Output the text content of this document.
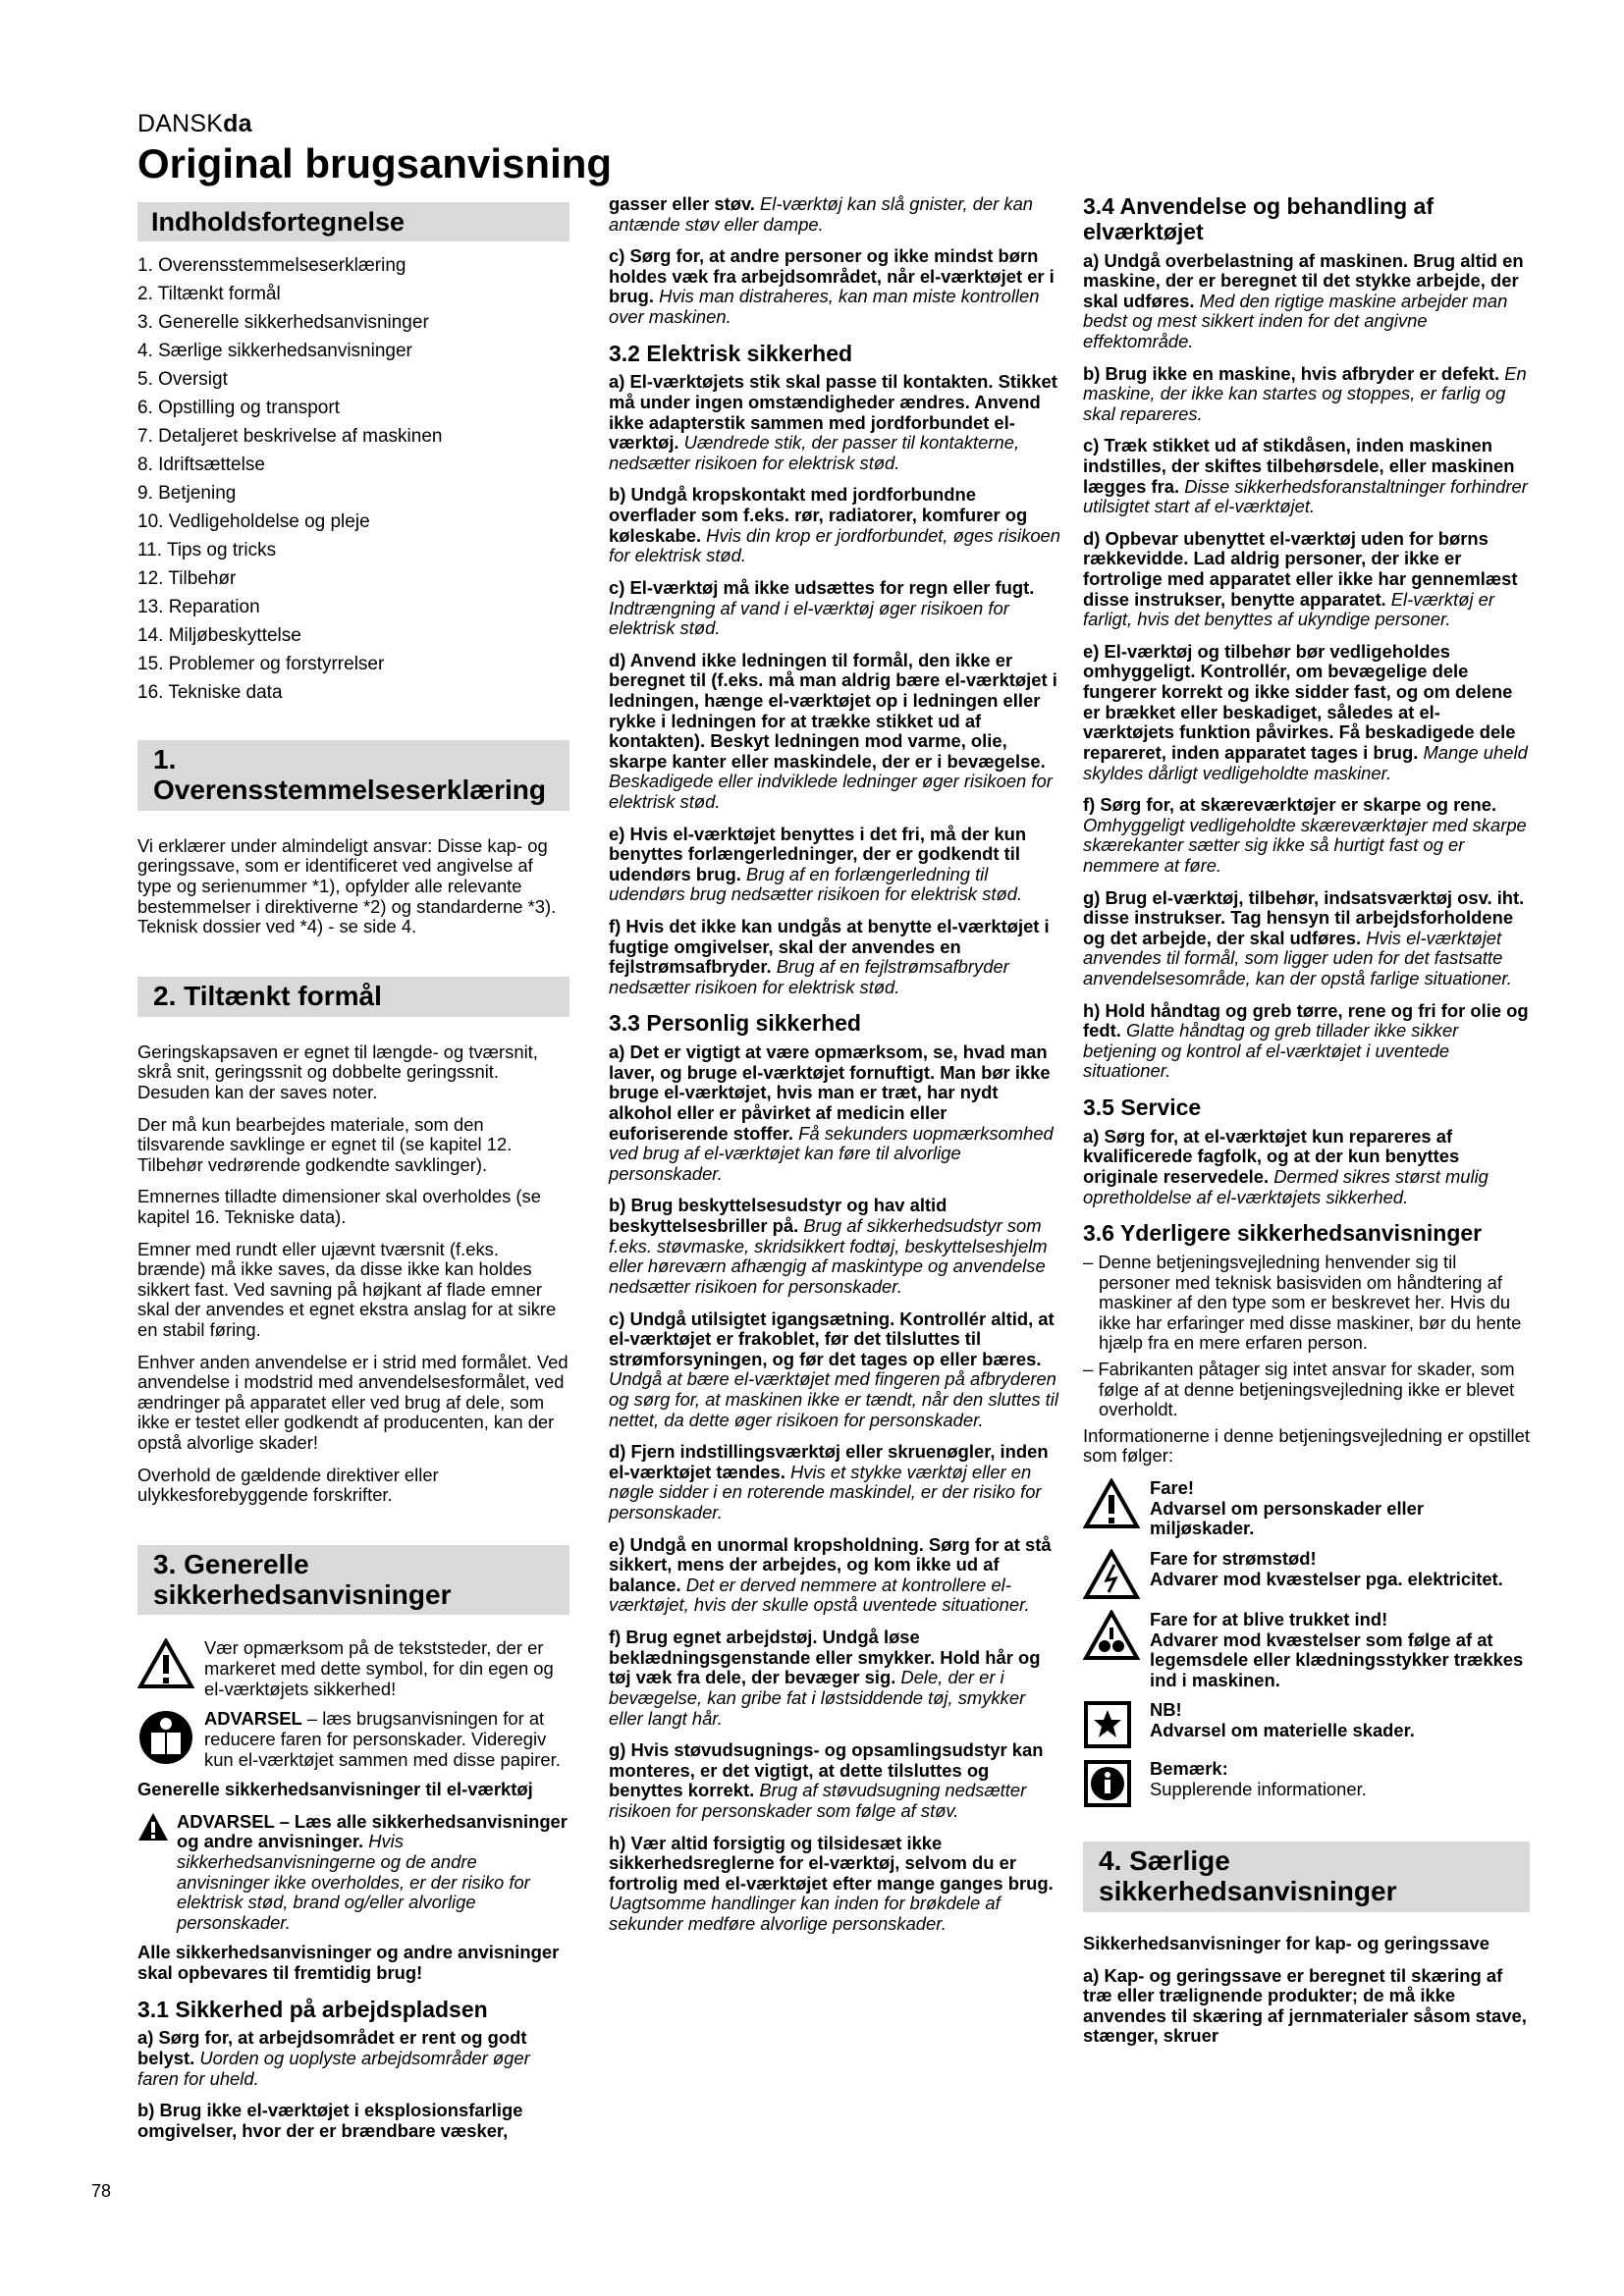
DANSKda
Original brugsanvisning
Indholdsfortegnelse
1. Overensstemmelseserklæring
2. Tiltænkt formål
3. Generelle sikkerhedsanvisninger
4. Særlige sikkerhedsanvisninger
5. Oversigt
6. Opstilling og transport
7. Detaljeret beskrivelse af maskinen
8. Idriftsættelse
9. Betjening
10. Vedligeholdelse og pleje
11. Tips og tricks
12. Tilbehør
13. Reparation
14. Miljøbeskyttelse
15. Problemer og forstyrrelser
16. Tekniske data
1. Overensstemmelseserklæring

Vi erklærer under almindeligt ansvar: Disse kap- og geringssave, som er identificeret ved angivelse af type og serienummer *1), opfylder alle relevante bestemmelser i direktiverne *2) og standarderne *3). Teknisk dossier ved *4) - se side 4.

2. Tiltænkt formål

Geringskapsaven er egnet til længde- og tværsnit, skrå snit, geringssnit og dobbelte geringssnit. Desuden kan der saves noter.

Der må kun bearbejdes materiale, som den tilsvarende savklinge er egnet til (se kapitel 12. Tilbehør vedrørende godkendte savklinger).

Emnernes tilladte dimensioner skal overholdes (se kapitel 16. Tekniske data).

Emner med rundt eller ujævnt tværsnit (f.eks. brænde) må ikke saves, da disse ikke kan holdes sikkert fast. Ved savning på højkant af flade emner skal der anvendes et egnet ekstra anslag for at sikre en stabil føring.

Enhver anden anvendelse er i strid med formålet. Ved anvendelse i modstrid med anvendelsesformålet, ved ændringer på apparatet eller ved brug af dele, som ikke er testet eller godkendt af producenten, kan der opstå alvorlige skader!

Overhold de gældende direktiver eller ulykkesforebyggende forskrifter.

3. Generelle sikkerhedsanvisninger
Vær opmærksom på de tekststeder, der er markeret med dette symbol, for din egen og el-værktøjets sikkerhed!
ADVARSEL – læs brugsanvisningen for at reducere faren for personskader. Videregiv kun el-værktøjet sammen med disse papirer.

Generelle sikkerhedsanvisninger til el-værktøj

ADVARSEL – Læs alle sikkerhedsanvisninger og andre anvisninger. Hvis sikkerhedsanvisningerne og de andre anvisninger ikke overholdes, er der risiko for elektrisk stød, brand og/eller alvorlige personskader.

Alle sikkerhedsanvisninger og andre anvisninger skal opbevares til fremtidig brug!

3.1 Sikkerhed på arbejdspladsen

a) Sørg for, at arbejdsområdet er rent og godt belyst. Uorden og uoplyste arbejdsområder øger faren for uheld.

b) Brug ikke el-værktøjet i eksplosionsfarlige omgivelser, hvor der er brændbare væsker,

gasser eller støv. El-værktøj kan slå gnister, der kan antænde støv eller dampe.

c) Sørg for, at andre personer og ikke mindst børn holdes væk fra arbejdsområdet, når el-værktøjet er i brug. Hvis man distraheres, kan man miste kontrollen over maskinen.

3.2 Elektrisk sikkerhed

a) El-værktøjets stik skal passe til kontakten. Stikket må under ingen omstændigheder ændres. Anvend ikke adapterstik sammen med jordforbundet el-værktøj. Uændrede stik, der passer til kontakterne, nedsætter risikoen for elektrisk stød.

b) Undgå kropskontakt med jordforbundne overflader som f.eks. rør, radiatorer, komfurer og køleskabe. Hvis din krop er jordforbundet, øges risikoen for elektrisk stød.

c) El-værktøj må ikke udsættes for regn eller fugt. Indtrængning af vand i el-værktøj øger risikoen for elektrisk stød.

d) Anvend ikke ledningen til formål, den ikke er beregnet til (f.eks. må man aldrig bære el-værktøjet i ledningen, hænge el-værktøjet op i ledningen eller rykke i ledningen for at trække stikket ud af kontakten). Beskyt ledningen mod varme, olie, skarpe kanter eller maskindele, der er i bevægelse. Beskadigede eller indviklede ledninger øger risikoen for elektrisk stød.

e) Hvis el-værktøjet benyttes i det fri, må der kun benyttes forlængerledninger, der er godkendt til udendørs brug. Brug af en forlængerledning til udendørs brug nedsætter risikoen for elektrisk stød.

f) Hvis det ikke kan undgås at benytte el-værktøjet i fugtige omgivelser, skal der anvendes en fejlstrømsafbryder. Brug af en fejlstrømsafbryder nedsætter risikoen for elektrisk stød.

3.3 Personlig sikkerhed

a) Det er vigtigt at være opmærksom, se, hvad man laver, og bruge el-værktøjet fornuftigt. Man bør ikke bruge el-værktøjet, hvis man er træt, har nydt alkohol eller er påvirket af medicin eller euforiserende stoffer. Få sekunders uopmærksomhed ved brug af el-værktøjet kan føre til alvorlige personskader.

b) Brug beskyttelsesudstyr og hav altid beskyttelsesbriller på. Brug af sikkerhedsudstyr som f.eks. støvmaske, skridsikkert fodtøj, beskyttelseshjelm eller høreværn afhængig af maskintype og anvendelse nedsætter risikoen for personskader.

c) Undgå utilsigtet igangsætning. Kontrollér altid, at el-værktøjet er frakoblet, før det tilsluttes til strømforsyningen, og før det tages op eller bæres. Undgå at bære el-værktøjet med fingeren på afbryderen og sørg for, at maskinen ikke er tændt, når den sluttes til nettet, da dette øger risikoen for personskader.

d) Fjern indstillingsværktøj eller skruenøgler, inden el-værktøjet tændes. Hvis et stykke værktøj eller en nøgle sidder i en roterende maskindel, er der risiko for personskader.

e) Undgå en unormal kropsholdning. Sørg for at stå sikkert, mens der arbejdes, og kom ikke ud af balance. Det er derved nemmere at kontrollere el-værktøjet, hvis der skulle opstå uventede situationer.

f) Brug egnet arbejdstøj. Undgå løse beklædningsgenstande eller smykker. Hold hår og tøj væk fra dele, der bevæger sig. Dele, der er i bevægelse, kan gribe fat i løstsiddende tøj, smykker eller langt hår.

g) Hvis støvudsugnings- og opsamlingsudstyr kan monteres, er det vigtigt, at dette tilsluttes og benyttes korrekt. Brug af støvudsugning nedsætter risikoen for personskader som følge af støv.

h) Vær altid forsigtig og tilsidesæt ikke sikkerhedsreglerne for el-værktøj, selvom du er fortrolig med el-værktøjet efter mange ganges brug. Uagtsomme handlinger kan inden for brøkdele af sekunder medføre alvorlige personskader.

3.4 Anvendelse og behandling af elværktøjet

a) Undgå overbelastning af maskinen. Brug altid en maskine, der er beregnet til det stykke arbejde, der skal udføres. Med den rigtige maskine arbejder man bedst og mest sikkert inden for det angivne effektområde.

b) Brug ikke en maskine, hvis afbryder er defekt. En maskine, der ikke kan startes og stoppes, er farlig og skal repareres.

c) Træk stikket ud af stikdåsen, inden maskinen indstilles, der skiftes tilbehørsdele, eller maskinen lægges fra. Disse sikkerhedsforanstaltninger forhindrer utilsigtet start af el-værktøjet.

d) Opbevar ubenyttet el-værktøj uden for børns rækkevidde. Lad aldrig personer, der ikke er fortrolige med apparatet eller ikke har gennemlæst disse instrukser, benytte apparatet. El-værktøj er farligt, hvis det benyttes af ukyndige personer.

e) El-værktøj og tilbehør bør vedligeholdes omhyggeligt. Kontrollér, om bevægelige dele fungerer korrekt og ikke sidder fast, og om delene er brækket eller beskadiget, således at el-værktøjets funktion påvirkes. Få beskadigede dele repareret, inden apparatet tages i brug. Mange uheld skyldes dårligt vedligeholdte maskiner.

f) Sørg for, at skæreværktøjer er skarpe og rene. Omhyggeligt vedligeholdte skæreværktøjer med skarpe skærekanter sætter sig ikke så hurtigt fast og er nemmere at føre.

g) Brug el-værktøj, tilbehør, indsatsværktøj osv. iht. disse instrukser. Tag hensyn til arbejdsforholdene og det arbejde, der skal udføres. Hvis el-værktøjet anvendes til formål, som ligger uden for det fastsatte anvendelsesområde, kan der opstå farlige situationer.

h) Hold håndtag og greb tørre, rene og fri for olie og fedt. Glatte håndtag og greb tillader ikke sikker betjening og kontrol af el-værktøjet i uventede situationer.

3.5 Service

a) Sørg for, at el-værktøjet kun repareres af kvalificerede fagfolk, og at der kun benyttes originale reservedele. Dermed sikres størst mulig opretholdelse af el-værktøjets sikkerhed.

3.6 Yderligere sikkerhedsanvisninger
– Denne betjeningsvejledning henvender sig til personer med teknisk basisviden om håndtering af maskiner af den type som er beskrevet her. Hvis du ikke har erfaringer med disse maskiner, bør du hente hjælp fra en mere erfaren person.
– Fabrikanten påtager sig intet ansvar for skader, som følge af at denne betjeningsvejledning ikke er blevet overholdt.

Informationerne i denne betjeningsvejledning er opstillet som følger:

Fare!
Advarsel om personskader eller miljøskader.
Fare for strømstød!
Advarer mod kvæstelser pga. elektricitet.
Fare for at blive trukket ind!
Advarer mod kvæstelser som følge af at legemsdele eller klædningsstykker trækkes ind i maskinen.
NB!
Advarsel om materielle skader.
Bemærk:
Supplerende informationer.
4. Særlige sikkerhedsanvisninger

Sikkerhedsanvisninger for kap- og geringssave

a) Kap- og geringssave er beregnet til skæring af træ eller trælignende produkter; de må ikke anvendes til skæring af jernmaterialer såsom stave, stænger, skruer

78
